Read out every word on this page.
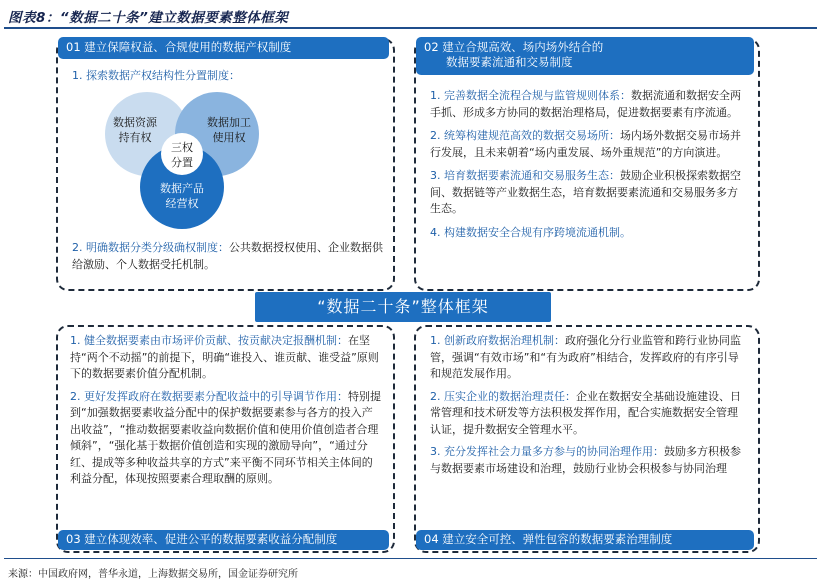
图表8：“数据二十条”建立数据要素整体框架
01 建立保障权益、合规使用的数据产权制度
1. 探索数据产权结构性分置制度：
数据资源
持有权
数据加工
使用权
三权
分置
数据产品
经营权
2. 明确数据分类分级确权制度：公共数据授权使用、企业数据供给激励、个人数据受托机制。
02 建立合规高效、场内场外结合的
数据要素流通和交易制度

1. 完善数据全流程合规与监管规则体系：数据流通和数据安全两手抓、形成多方协同的数据治理格局，促进数据要素有序流通。

2. 统筹构建规范高效的数据交易场所：场内场外数据交易市场并行发展，且未来朝着“场内重发展、场外重规范”的方向演进。

3. 培育数据要素流通和交易服务生态：鼓励企业积极探索数据空间、数据链等产业数据生态，培育数据要素流通和交易服务多方生态。

4. 构建数据安全合规有序跨境流通机制。

“数据二十条”整体框架

1. 健全数据要素由市场评价贡献、按贡献决定报酬机制：在坚持“两个不动摇”的前提下，明确“谁投入、谁贡献、谁受益”原则下的数据要素价值分配机制。

2. 更好发挥政府在数据要素分配收益中的引导调节作用：特别提到“加强数据要素收益分配中的保护数据要素参与各方的投入产出收益”，“推动数据要素收益向数据价值和使用价值创造者合理倾斜”，“强化基于数据价值创造和实现的激励导向”，“通过分红、提成等多种收益共享的方式”来平衡不同环节相关主体间的利益分配，体现按照要素合理取酬的原则。

03 建立体现效率、促进公平的数据要素收益分配制度

1. 创新政府数据治理机制：政府强化分行业监管和跨行业协同监管，强调“有效市场”和“有为政府”相结合，发挥政府的有序引导和规范发展作用。

2. 压实企业的数据治理责任：企业在数据安全基础设施建设、日常管理和技术研发等方法积极发挥作用，配合实施数据安全管理认证，提升数据安全管理水平。

3. 充分发挥社会力量多方参与的协同治理作用：鼓励多方积极参与数据要素市场建设和治理，鼓励行业协会积极参与协同治理

04 建立安全可控、弹性包容的数据要素治理制度
来源：中国政府网，普华永道，上海数据交易所，国金证券研究所
